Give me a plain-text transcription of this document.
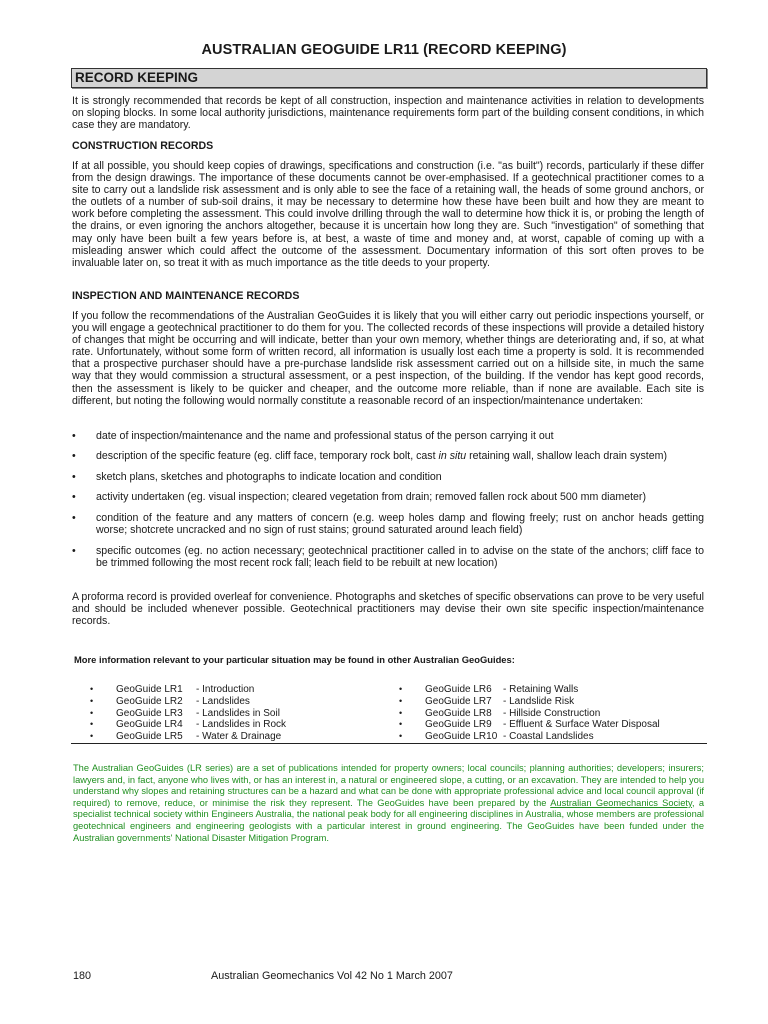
AUSTRALIAN GEOGUIDE LR11 (RECORD KEEPING)
RECORD KEEPING

It is strongly recommended that records be kept of all construction, inspection and maintenance activities in relation to developments on sloping blocks. In some local authority jurisdictions, maintenance requirements form part of the building consent conditions, in which case they are mandatory.

CONSTRUCTION RECORDS

If at all possible, you should keep copies of drawings, specifications and construction (i.e. "as built") records, particularly if these differ from the design drawings. The importance of these documents cannot be over-emphasised. If a geotechnical practitioner comes to a site to carry out a landslide risk assessment and is only able to see the face of a retaining wall, the heads of some ground anchors, or the outlets of a number of sub-soil drains, it may be necessary to determine how these have been built and how they are meant to work before completing the assessment. This could involve drilling through the wall to determine how thick it is, or probing the length of the drains, or even ignoring the anchors altogether, because it is uncertain how long they are. Such "investigation" of something that may only have been built a few years before is, at best, a waste of time and money and, at worst, capable of coming up with a misleading answer which could affect the outcome of the assessment. Documentary information of this sort often proves to be invaluable later on, so treat it with as much importance as the title deeds to your property.

INSPECTION AND MAINTENANCE RECORDS

If you follow the recommendations of the Australian GeoGuides it is likely that you will either carry out periodic inspections yourself, or you will engage a geotechnical practitioner to do them for you. The collected records of these inspections will provide a detailed history of changes that might be occurring and will indicate, better than your own memory, whether things are deteriorating and, if so, at what rate. Unfortunately, without some form of written record, all information is usually lost each time a property is sold. It is recommended that a prospective purchaser should have a pre-purchase landslide risk assessment carried out on a hillside site, in much the same way that they would commission a structural assessment, or a pest inspection, of the building. If the vendor has kept good records, then the assessment is likely to be quicker and cheaper, and the outcome more reliable, than if none are available. Each site is different, but noting the following would normally constitute a reasonable record of an inspection/maintenance undertaken:

• date of inspection/maintenance and the name and professional status of the person carrying it out
• description of the specific feature (eg. cliff face, temporary rock bolt, cast in situ retaining wall, shallow leach drain system)
• sketch plans, sketches and photographs to indicate location and condition
• activity undertaken (eg. visual inspection; cleared vegetation from drain; removed fallen rock about 500 mm diameter)
• condition of the feature and any matters of concern (e.g. weep holes damp and flowing freely; rust on anchor heads getting worse; shotcrete uncracked and no sign of rust stains; ground saturated around leach field)
• specific outcomes (eg. no action necessary; geotechnical practitioner called in to advise on the state of the anchors; cliff face to be trimmed following the most recent rock fall; leach field to be rebuilt at new location)

A proforma record is provided overleaf for convenience. Photographs and sketches of specific observations can prove to be very useful and should be included whenever possible. Geotechnical practitioners may devise their own site specific inspection/maintenance records.

More information relevant to your particular situation may be found in other Australian GeoGuides:
• GeoGuide LR1 - Introduction
• GeoGuide LR2 - Landslides
• GeoGuide LR3 - Landslides in Soil
• GeoGuide LR4 - Landslides in Rock
• GeoGuide LR5 - Water & Drainage
• GeoGuide LR6 - Retaining Walls
• GeoGuide LR7 - Landslide Risk
• GeoGuide LR8 - Hillside Construction
• GeoGuide LR9 - Effluent & Surface Water Disposal
• GeoGuide LR10 - Coastal Landslides

The Australian GeoGuides (LR series) are a set of publications intended for property owners; local councils; planning authorities; developers; insurers; lawyers and, in fact, anyone who lives with, or has an interest in, a natural or engineered slope, a cutting, or an excavation. They are intended to help you understand why slopes and retaining structures can be a hazard and what can be done with appropriate professional advice and local council approval (if required) to remove, reduce, or minimise the risk they represent. The GeoGuides have been prepared by the Australian Geomechanics Society, a specialist technical society within Engineers Australia, the national peak body for all engineering disciplines in Australia, whose members are professional geotechnical engineers and engineering geologists with a particular interest in ground engineering. The GeoGuides have been funded under the Australian governments' National Disaster Mitigation Program.

180	Australian Geomechanics Vol 42 No 1 March 2007
